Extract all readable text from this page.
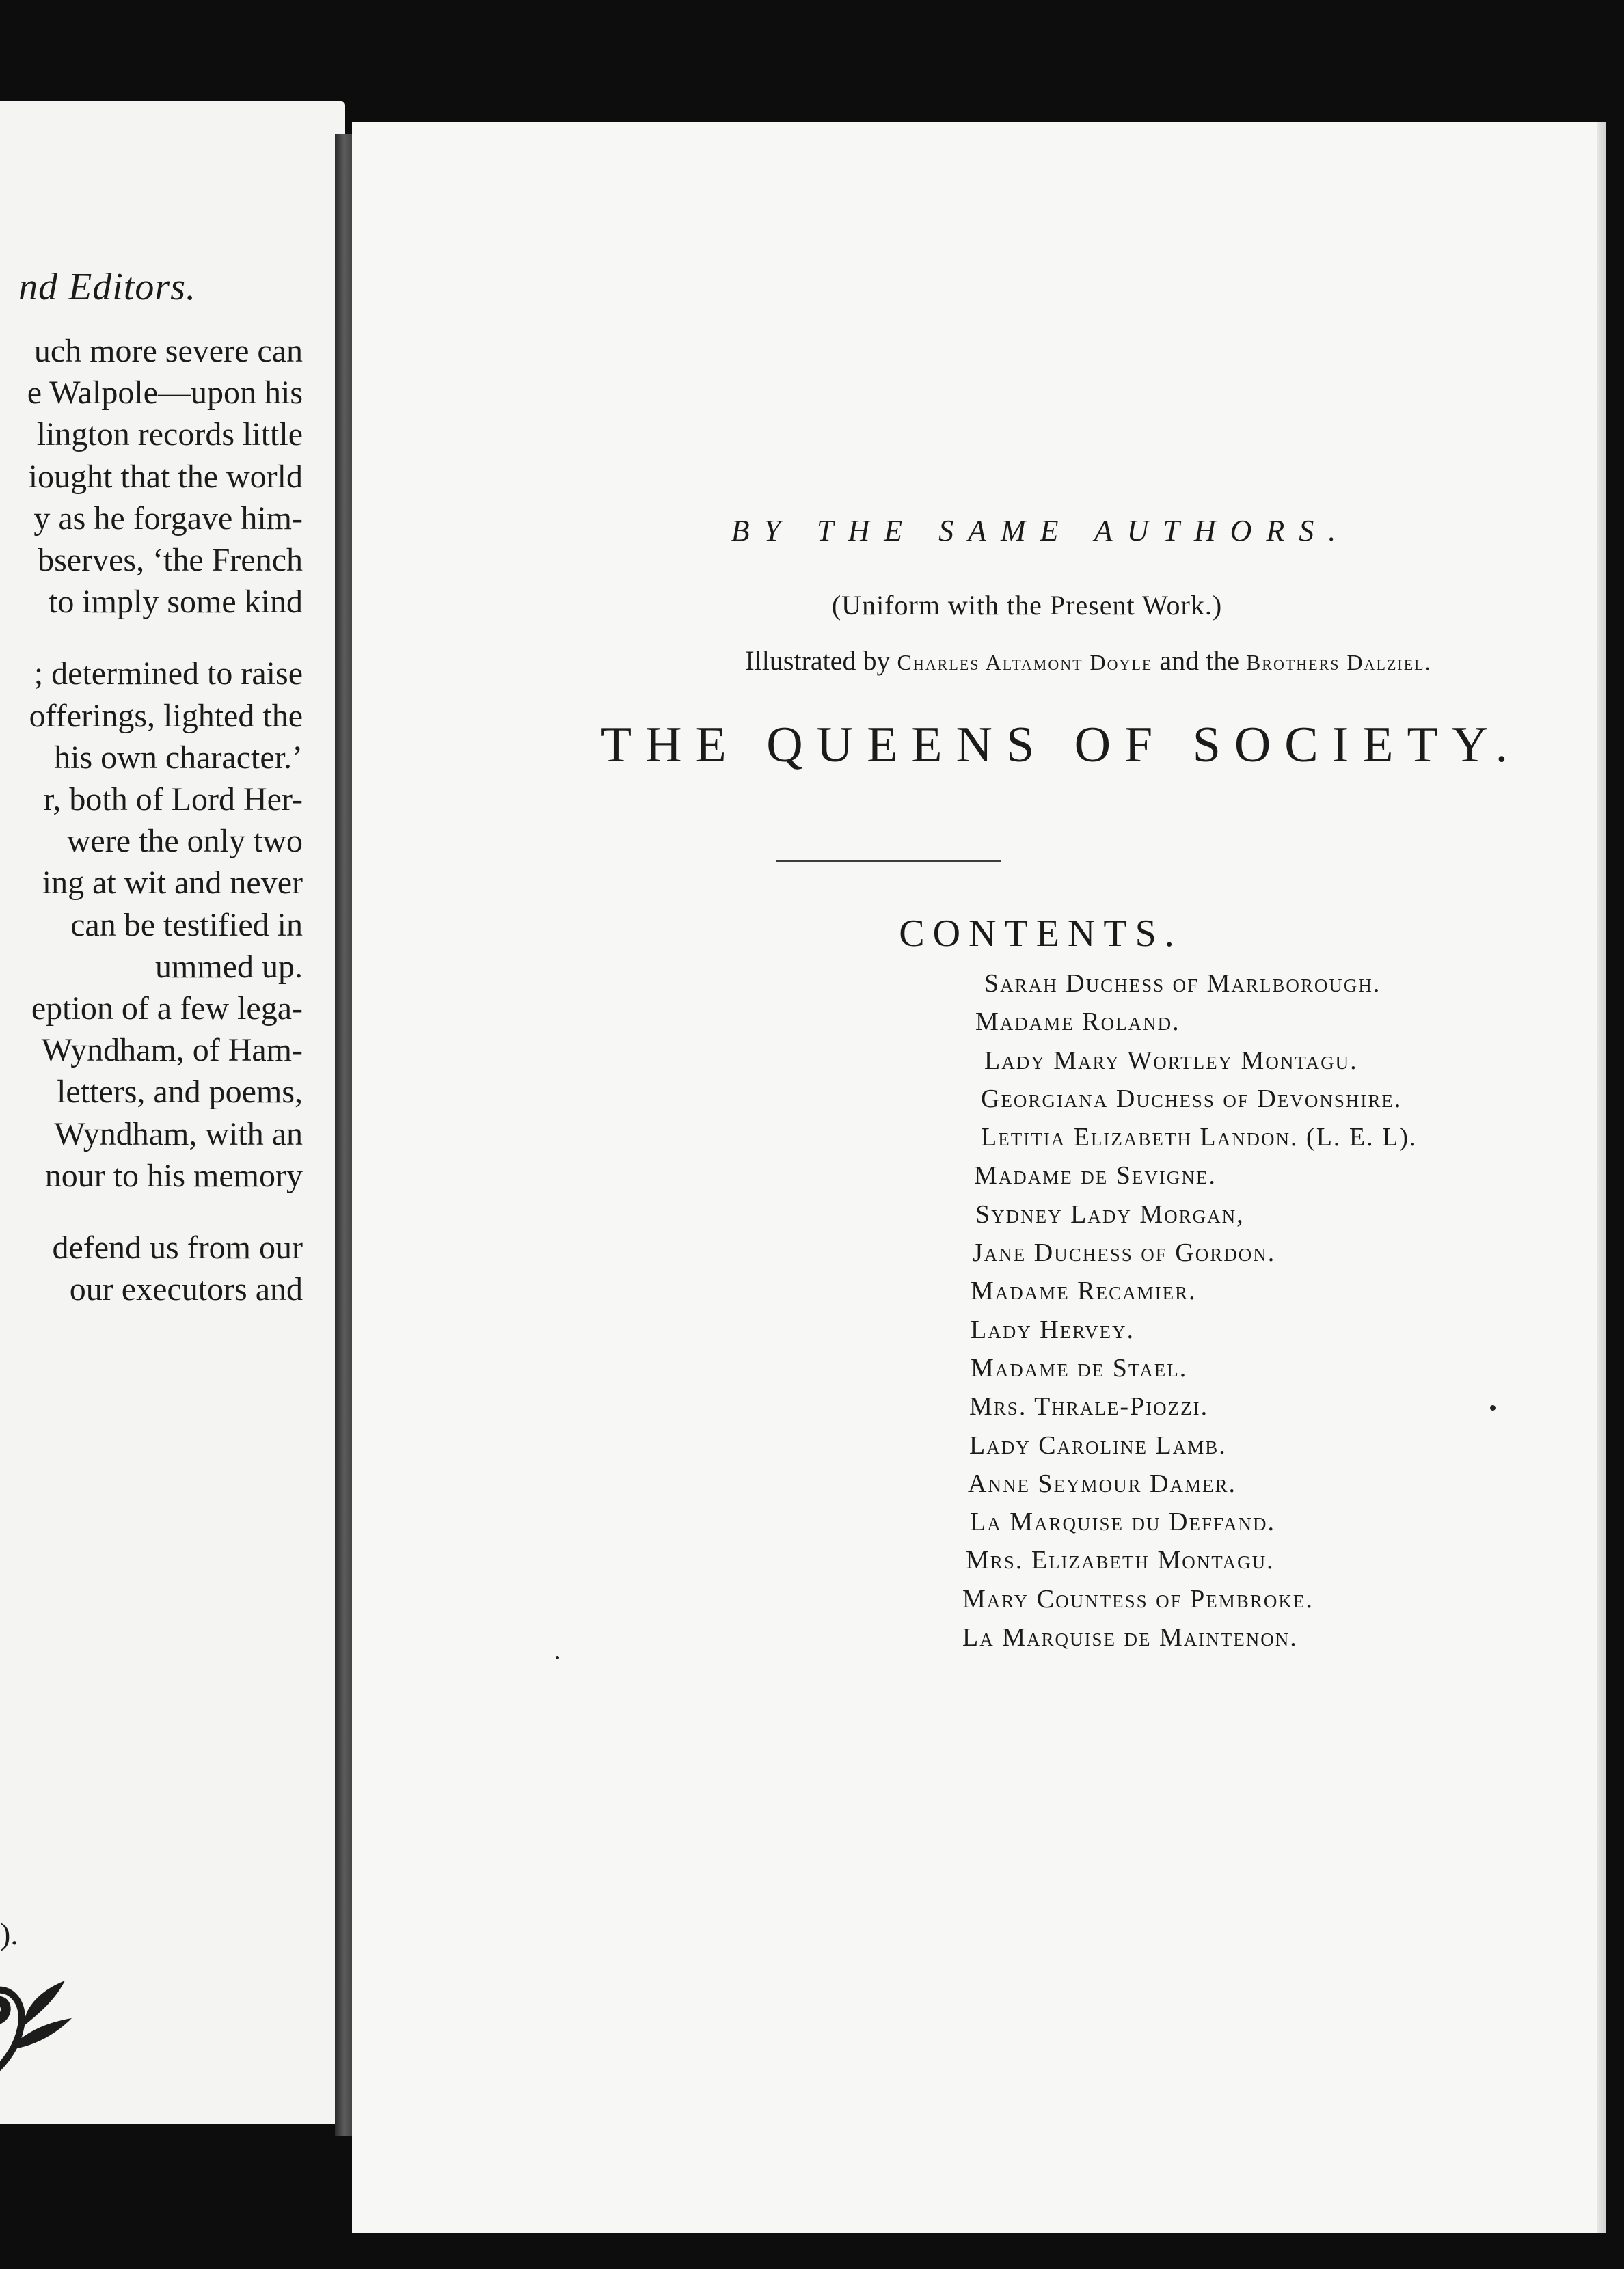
nd Editors.
uch more severe can
e Walpole—upon his
lington records little
iought that the world
y as he forgave him-
bserves, ‘the French
to imply some kind
; determined to raise
offerings, lighted the
his own character.’
r, both of Lord Her-
were the only two
ing at wit and never
can be testified in
ummed up.
eption of a few lega-
Wyndham, of Ham-
letters, and poems,
Wyndham, with an
nour to his memory
defend us from our
our executors and
).
BY THE SAME AUTHORS.
(Uniform with the Present Work.)
Illustrated by Charles Altamont Doyle and the Brothers Dalziel.
THE QUEENS OF SOCIETY.
CONTENTS.
Sarah Duchess of Marlborough.
Madame Roland.
Lady Mary Wortley Montagu.
Georgiana Duchess of Devonshire.
Letitia Elizabeth Landon. (L. E. L).
Madame de Sevigne.
Sydney Lady Morgan,
Jane Duchess of Gordon.
Madame Recamier.
Lady Hervey.
Madame de Stael.
Mrs. Thrale-Piozzi.
Lady Caroline Lamb.
Anne Seymour Damer.
La Marquise du Deffand.
Mrs. Elizabeth Montagu.
Mary Countess of Pembroke.
La Marquise de Maintenon.
